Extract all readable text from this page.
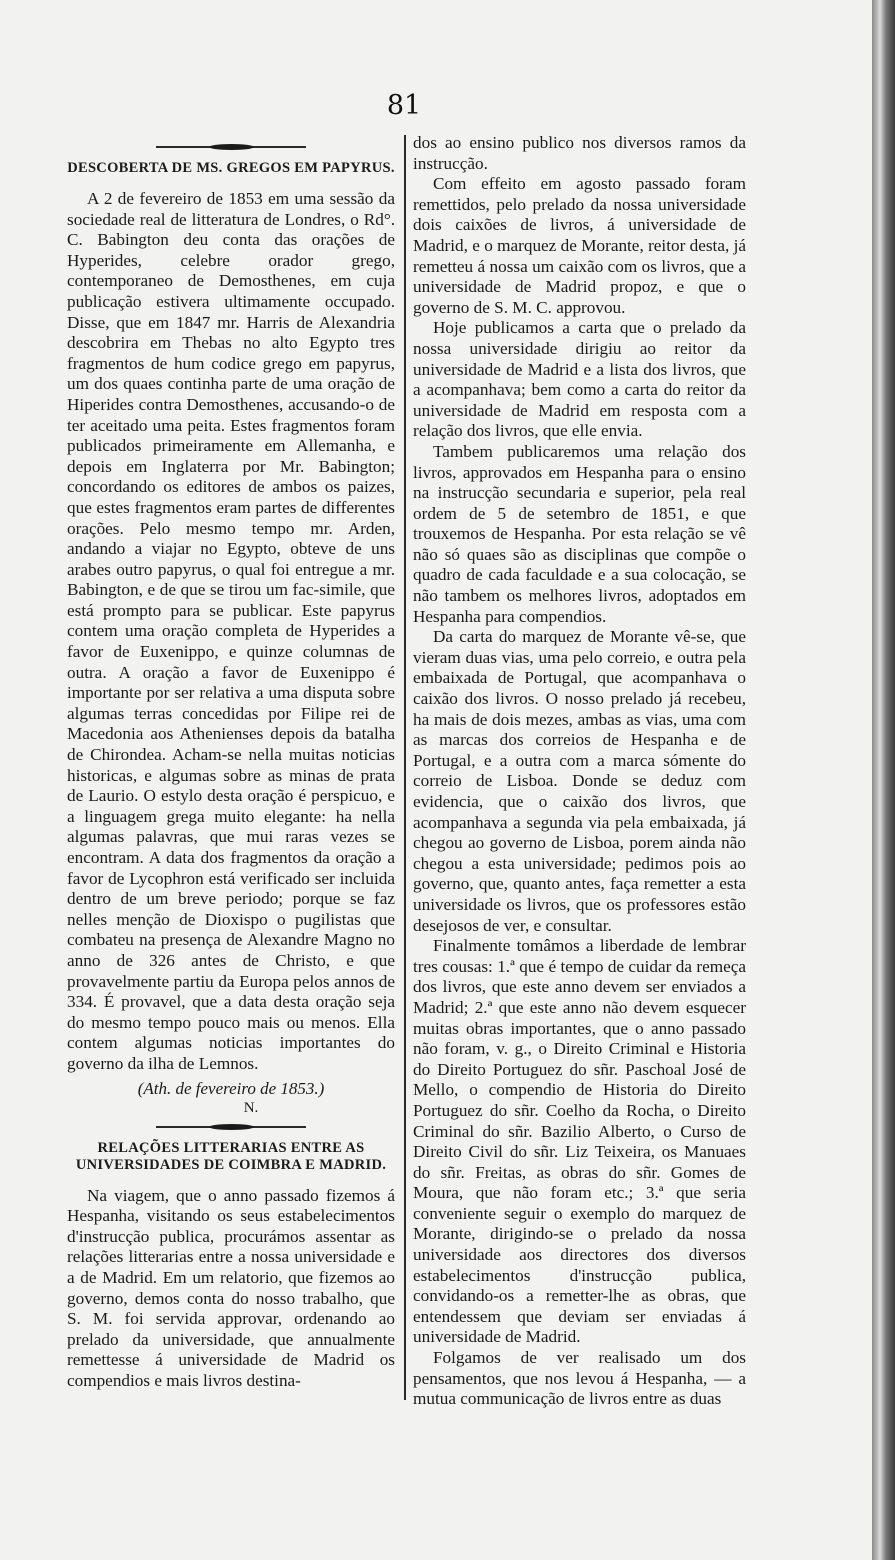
81
DESCOBERTA DE MS. GREGOS EM PAPYRUS.

A 2 de fevereiro de 1853 em uma sessão da sociedade real de litteratura de Londres, o Rd°. C. Babington deu conta das orações de Hyperides, celebre orador grego, contemporaneo de Demosthenes, em cuja publicação estivera ultimamente occupado. Disse, que em 1847 mr. Harris de Alexandria descobrira em Thebas no alto Egypto tres fragmentos de hum codice grego em papyrus, um dos quaes continha parte de uma oração de Hiperides contra Demosthenes, accusando-o de ter aceitado uma peita. Estes fragmentos foram publicados primeiramente em Allemanha, e depois em Inglaterra por Mr. Babington; concordando os editores de ambos os paizes, que estes fragmentos eram partes de differentes orações. Pelo mesmo tempo mr. Arden, andando a viajar no Egypto, obteve de uns arabes outro papyrus, o qual foi entregue a mr. Babington, e de que se tirou um fac-simile, que está prompto para se publicar. Este papyrus contem uma oração completa de Hyperides a favor de Euxenippo, e quinze columnas de outra. A oração a favor de Euxenippo é importante por ser relativa a uma disputa sobre algumas terras concedidas por Filipe rei de Macedonia aos Athenienses depois da batalha de Chirondea. Acham-se nella muitas noticias historicas, e algumas sobre as minas de prata de Laurio. O estylo desta oração é perspicuo, e a linguagem grega muito elegante: ha nella algumas palavras, que mui raras vezes se encontram. A data dos fragmentos da oração a favor de Lycophron está verificado ser incluida dentro de um breve periodo; porque se faz nelles menção de Dioxispo o pugilistas que combateu na presença de Alexandre Magno no anno de 326 antes de Christo, e que provavelmente partiu da Europa pelos annos de 334. É provavel, que a data desta oração seja do mesmo tempo pouco mais ou menos. Ella contem algumas noticias importantes do governo da ilha de Lemnos.

(Ath. de fevereiro de 1853.)
N.
RELAÇÕES LITTERARIAS ENTRE AS UNIVERSIDADES DE COIMBRA E MADRID.

Na viagem, que o anno passado fizemos á Hespanha, visitando os seus estabelecimentos d'instrucção publica, procurámos assentar as relações litterarias entre a nossa universidade e a de Madrid. Em um relatorio, que fizemos ao governo, demos conta do nosso trabalho, que S. M. foi servida approvar, ordenando ao prelado da universidade, que annualmente remettesse á universidade de Madrid os compendios e mais livros destina-

dos ao ensino publico nos diversos ramos da instrucção.

Com effeito em agosto passado foram remettidos, pelo prelado da nossa universidade dois caixões de livros, á universidade de Madrid, e o marquez de Morante, reitor desta, já remetteu á nossa um caixão com os livros, que a universidade de Madrid propoz, e que o governo de S. M. C. approvou.

Hoje publicamos a carta que o prelado da nossa universidade dirigiu ao reitor da universidade de Madrid e a lista dos livros, que a acompanhava; bem como a carta do reitor da universidade de Madrid em resposta com a relação dos livros, que elle envia.

Tambem publicaremos uma relação dos livros, approvados em Hespanha para o ensino na instrucção secundaria e superior, pela real ordem de 5 de setembro de 1851, e que trouxemos de Hespanha. Por esta relação se vê não só quaes são as disciplinas que compõe o quadro de cada faculdade e a sua colocação, se não tambem os melhores livros, adoptados em Hespanha para compendios.

Da carta do marquez de Morante vê-se, que vieram duas vias, uma pelo correio, e outra pela embaixada de Portugal, que acompanhava o caixão dos livros. O nosso prelado já recebeu, ha mais de dois mezes, ambas as vias, uma com as marcas dos correios de Hespanha e de Portugal, e a outra com a marca sómente do correio de Lisboa. Donde se deduz com evidencia, que o caixão dos livros, que acompanhava a segunda via pela embaixada, já chegou ao governo de Lisboa, porem ainda não chegou a esta universidade; pedimos pois ao governo, que, quanto antes, faça remetter a esta universidade os livros, que os professores estão desejosos de ver, e consultar.

Finalmente tomâmos a liberdade de lembrar tres cousas: 1.ª que é tempo de cuidar da remeça dos livros, que este anno devem ser enviados a Madrid; 2.ª que este anno não devem esquecer muitas obras importantes, que o anno passado não foram, v. g., o Direito Criminal e Historia do Direito Portuguez do sñr. Paschoal José de Mello, o compendio de Historia do Direito Portuguez do sñr. Coelho da Rocha, o Direito Criminal do sñr. Bazilio Alberto, o Curso de Direito Civil do sñr. Liz Teixeira, os Manuaes do sñr. Freitas, as obras do sñr. Gomes de Moura, que não foram etc.; 3.ª que seria conveniente seguir o exemplo do marquez de Morante, dirigindo-se o prelado da nossa universidade aos directores dos diversos estabelecimentos d'instrucção publica, convidando-os a remetter-lhe as obras, que entendessem que deviam ser enviadas á universidade de Madrid.

Folgamos de ver realisado um dos pensamentos, que nos levou á Hespanha, — a mutua communicação de livros entre as duas
